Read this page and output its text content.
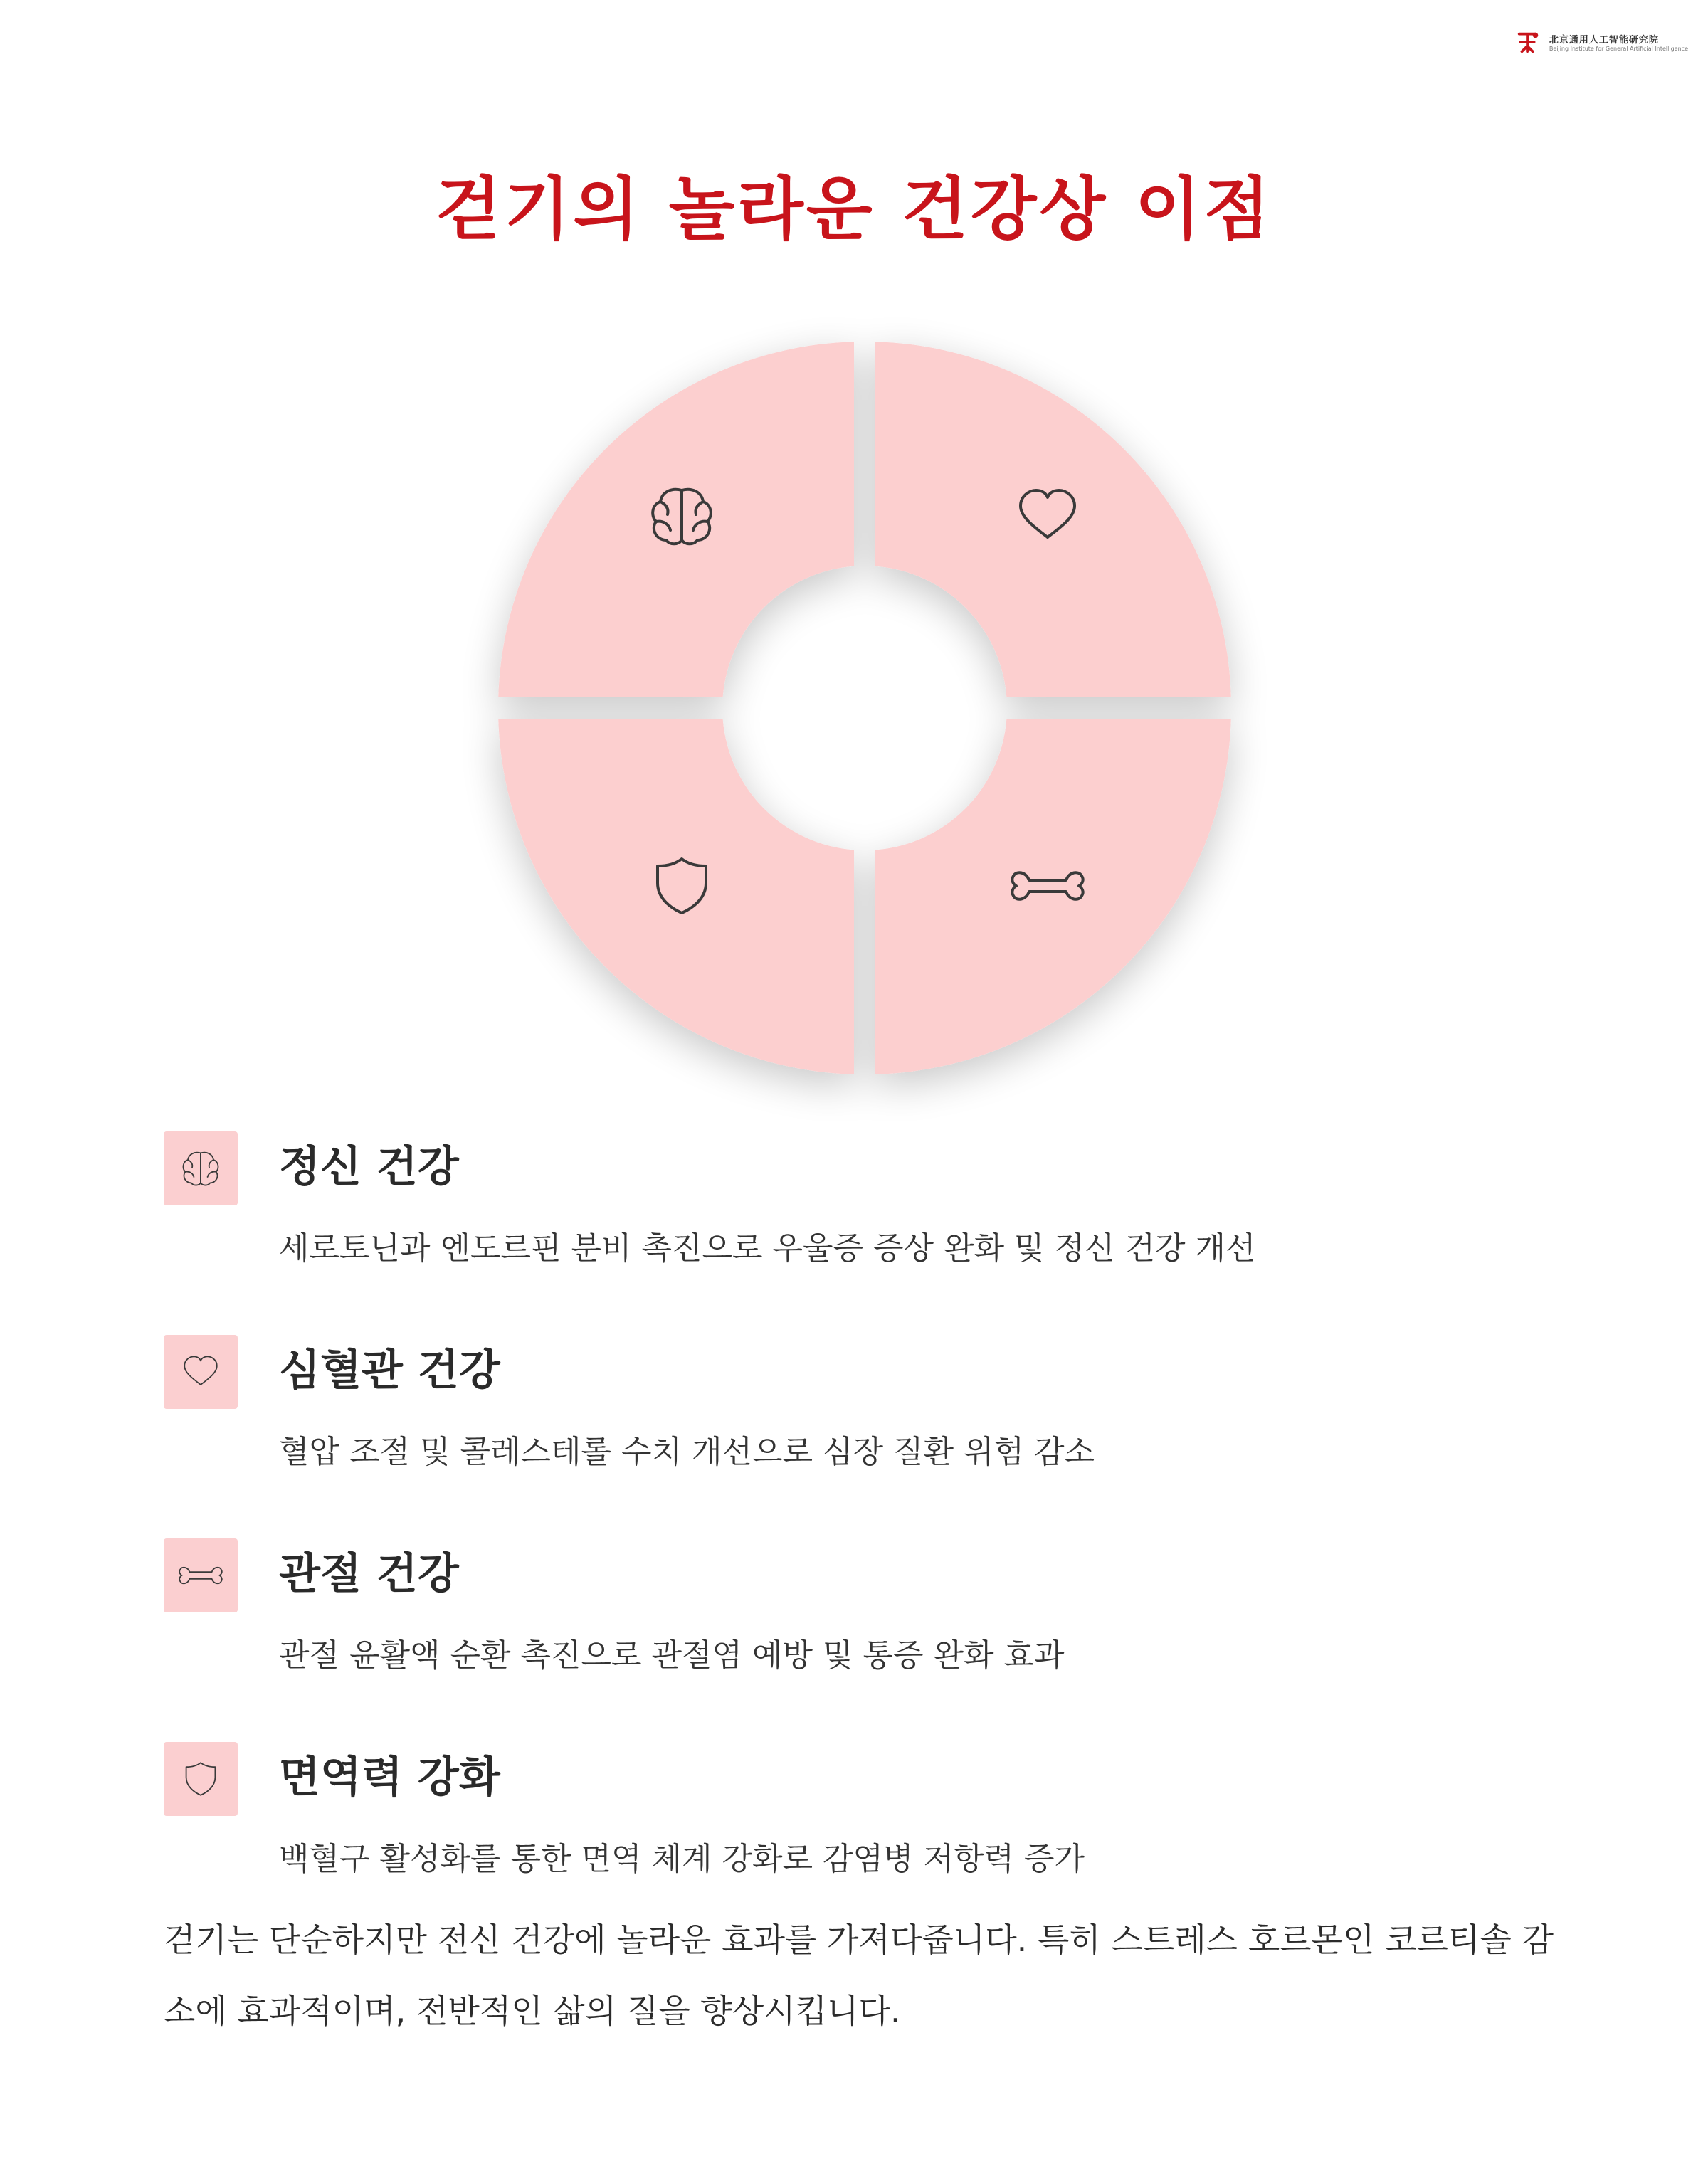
北京通用人工智能研究院
Beijing Institute for General Artificial Intelligence
걷기의 놀라운 건강상 이점
정신 건강

세로토닌과 엔도르핀 분비 촉진으로 우울증 증상 완화 및 정신 건강 개선

심혈관 건강

혈압 조절 및 콜레스테롤 수치 개선으로 심장 질환 위험 감소

관절 건강

관절 윤활액 순환 촉진으로 관절염 예방 및 통증 완화 효과

면역력 강화

백혈구 활성화를 통한 면역 체계 강화로 감염병 저항력 증가

걷기는 단순하지만 전신 건강에 놀라운 효과를 가져다줍니다. 특히 스트레스 호르몬인 코르티솔 감소에 효과적이며, 전반적인 삶의 질을 향상시킵니다.
